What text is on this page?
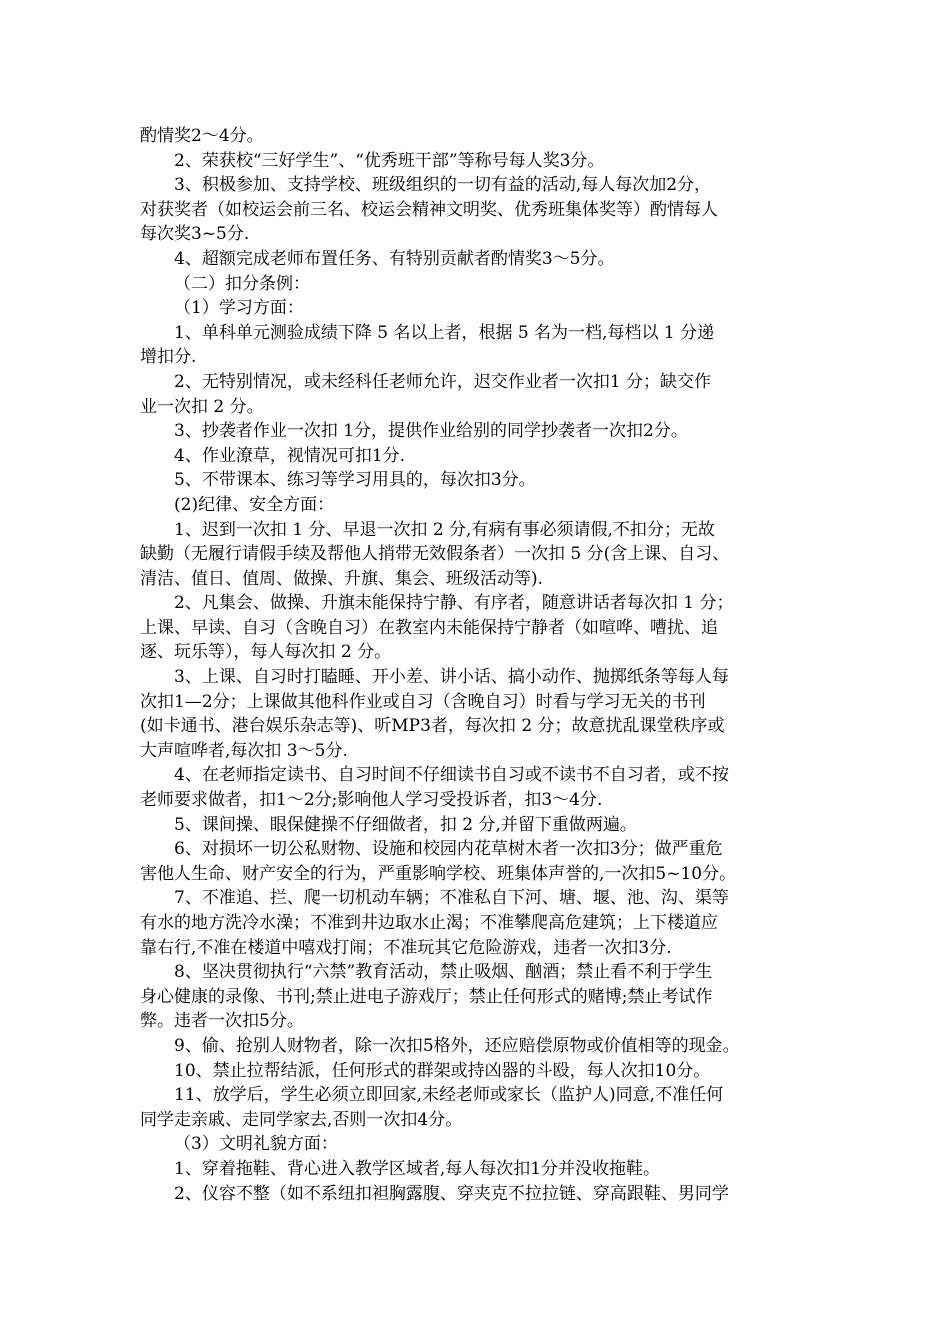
酌情奖2～4分。
2、荣获校“三好学生”、“优秀班干部”等称号每人奖3分。
3、积极参加、支持学校、班级组织的一切有益的活动,每人每次加2分，
对获奖者（如校运会前三名、校运会精神文明奖、优秀班集体奖等）酌情每人
每次奖3~5分.
4、超额完成老师布置任务、有特别贡献者酌情奖3～5分。
（二）扣分条例：
（1）学习方面：
1、单科单元测验成绩下降 5 名以上者，根据 5 名为一档,每档以 1 分递
增扣分.
2、无特别情况，或未经科任老师允许，迟交作业者一次扣1 分；缺交作
业一次扣 2 分。
3、抄袭者作业一次扣 1分，提供作业给别的同学抄袭者一次扣2分。
4、作业潦草，视情况可扣1分.
5、不带课本、练习等学习用具的，每次扣3分。
(2)纪律、安全方面：
1、迟到一次扣 1 分、早退一次扣 2 分,有病有事必须请假,不扣分；无故
缺勤（无履行请假手续及帮他人捎带无效假条者）一次扣 5 分(含上课、自习、
清洁、值日、值周、做操、升旗、集会、班级活动等).
2、凡集会、做操、升旗未能保持宁静、有序者，随意讲话者每次扣 1 分；
上课、早读、自习（含晚自习）在教室内未能保持宁静者（如喧哗、嘈扰、追
逐、玩乐等），每人每次扣 2 分。
3、上课、自习时打瞌睡、开小差、讲小话、搞小动作、抛掷纸条等每人每
次扣1—2分；上课做其他科作业或自习（含晚自习）时看与学习无关的书刊
(如卡通书、港台娱乐杂志等)、听MP3者，每次扣 2 分；故意扰乱课堂秩序或
大声喧哗者,每次扣 3～5分.
4、在老师指定读书、自习时间不仔细读书自习或不读书不自习者，或不按
老师要求做者，扣1～2分;影响他人学习受投诉者，扣3～4分.
5、课间操、眼保健操不仔细做者，扣 2 分,并留下重做两遍。
6、对损坏一切公私财物、设施和校园内花草树木者一次扣3分；做严重危
害他人生命、财产安全的行为，严重影响学校、班集体声誉的,一次扣5~10分。
7、不准追、拦、爬一切机动车辆；不准私自下河、塘、堰、池、沟、渠等
有水的地方洗冷水澡；不准到井边取水止渴；不准攀爬高危建筑；上下楼道应
靠右行,不准在楼道中嘻戏打闹；不准玩其它危险游戏，违者一次扣3分.
8、坚决贯彻执行“六禁”教育活动，禁止吸烟、酗酒；禁止看不利于学生
身心健康的录像、书刊;禁止进电子游戏厅；禁止任何形式的赌博;禁止考试作
弊。违者一次扣5分。
9、偷、抢别人财物者，除一次扣5格外，还应赔偿原物或价值相等的现金。
10、禁止拉帮结派，任何形式的群架或持凶器的斗殴，每人次扣10分。
11、放学后，学生必须立即回家,未经老师或家长（监护人)同意,不准任何
同学走亲戚、走同学家去,否则一次扣4分。
（3）文明礼貌方面：
1、穿着拖鞋、背心进入教学区域者,每人每次扣1分并没收拖鞋。
2、仪容不整（如不系纽扣袒胸露腹、穿夹克不拉拉链、穿高跟鞋、男同学
